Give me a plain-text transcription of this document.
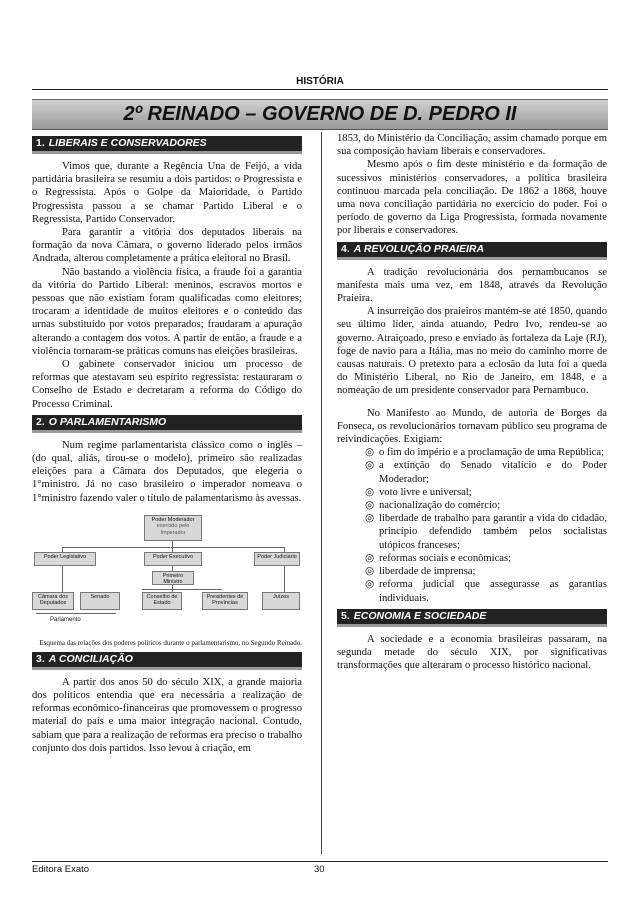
HISTÓRIA
2º REINADO – GOVERNO DE D. PEDRO II
1. LIBERAIS E CONSERVADORES

Vimos que, durante a Regência Una de Feijó, a vida partidária brasileira se resumiu a dois partidos: o Progressista e o Regressista. Após o Golpe da Maioridade, o Partido Progressista passou a se chamar Partido Liberal e o Regressista, Partido Conservador.

Para garantir a vitória dos deputados liberais na formação da nova Câmara, o governo liderado pelos irmãos Andrada, alterou completamente a prática eleitoral no Brasil.

Não bastando a violência física, a fraude foi a garantia da vitória do Partido Liberal: meninos, escravos mortos e pessoas que não existiam foram qualificadas como eleitores; trocaram a identidade de muitos eleitores e o conteúdo das urnas substituído por votos preparados; fraudaram a apuração alterando a contagem dos votos. A partir de então, a fraude e a violência tornaram-se práticas comuns nas eleições brasileiras.

O gabinete conservador iniciou um processo de reformas que atestavam seu espírito regressista: restauraram o Conselho de Estado e decretaram a reforma do Código do Processo Criminal.

2. O PARLAMENTARISMO

Num regime parlamentarista clássico como o inglês – (do qual, aliás, tirou-se o modelo), primeiro são realizadas eleições para a Câmara dos Deputados, que elegeria o 1°ministro. Já no caso brasileiro o imperador nomeava o 1°ministro fazendo valer o título de palamentarismo às avessas.

Poder Moderador
exercido pelo Imperador
Poder Legislativo	Poder Executivo	Poder Judiciário
Primeiro Ministro
Câmara dos Deputados
Senado	Conselho de Estado
Presidentes de Províncias
Juízes
Parlamento
Esquema das relações dos poderes políticos durante o parlamentarismo, no Segundo Reinado.
3. A CONCILIAÇÃO

A partir dos anos 50 do século XIX, a grande maioria dos políticos entendia que era necessária a realização de reformas econômico-financeiras que promovessem o progresso material do país e uma maior integração nacional. Contudo, sabiam que para a realização de reformas era preciso o trabalho conjunto dos dois partidos. Isso levou à criação, em

1853, do Ministério da Conciliação, assim chamado porque em sua composição haviam liberais e conservadores.

Mesmo após o fim deste ministério e da formação de sucessivos ministérios conservadores, a política brasileira continuou marcada pela conciliação. De 1862 a 1868, houve uma nova conciliação partidária no exercício do poder. Foi o período de governo da Liga Progressista, formada novamente por liberais e conservadores.

4. A REVOLUÇÃO PRAIEIRA

A tradição revolucionária dos pernambucanos se manifesta mais uma vez, em 1848, através da Revolução Praieira.

A insurreição dos praieiros mantém-se até 1850, quando seu último líder, ainda atuando, Pedro Ivo, rendeu-se ao governo. Atraiçoado, preso e enviado às fortaleza da Laje (RJ), foge de navio para a Itália, mas no meio do caminho morre de causas naturais. O pretexto para a eclosão da luta foi a queda do Ministério Liberal, no Rio de Janeiro, em 1848, e a nomeação de um presidente conservador para Pernambuco.

No Manifesto ao Mundo, de autoria de Borges da Fonseca, os revolucionários tornavam público seu programa de reivindicações. Exigiam:

◎ o fim do império e a proclamação de uma República;
◎ a extinção do Senado vitalício e do Poder Moderador;
◎ voto livre e universal;
◎ nacionalização do comércio;
◎ liberdade de trabalho para garantir a vida do cidadão, princípio defendido também pelos socialistas utópicos franceses;
◎ reformas sociais e econômicas;
◎ liberdade de imprensa;
◎ reforma judicial que assegurasse as garantias individuais.
5. ECONOMIA E SOCIEDADE

A sociedade e a economia brasileiras passaram, na segunda metade do século XIX, por significativas transformações que alteraram o processo histórico nacional.

Editora Exato	30
